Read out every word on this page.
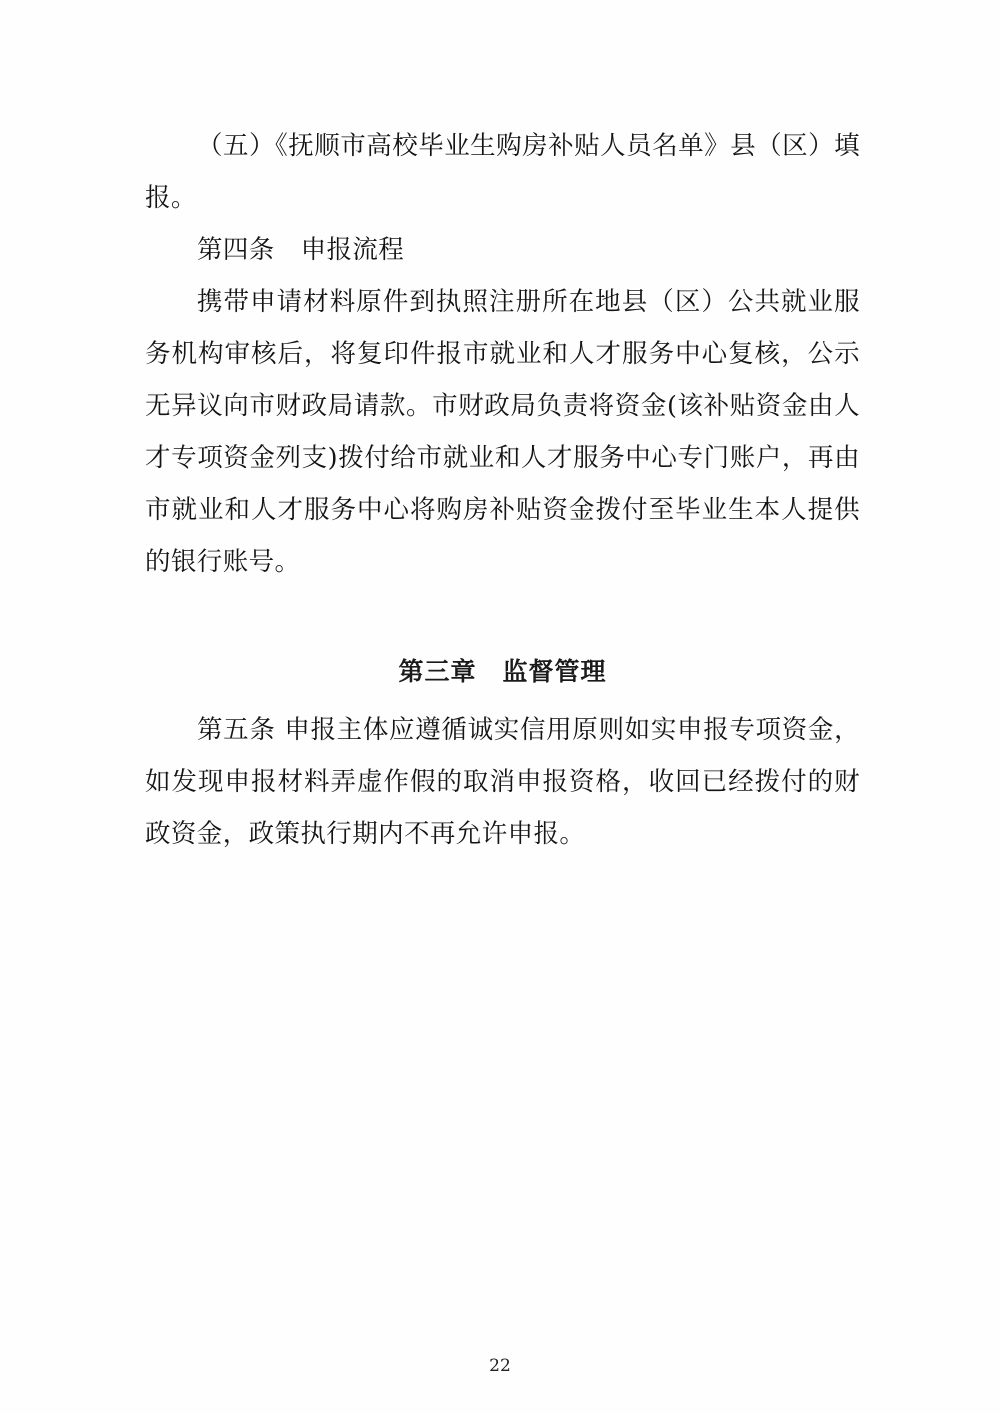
（五）《抚顺市高校毕业生购房补贴人员名单》县（区）填报。

第四条　申报流程

携带申请材料原件到执照注册所在地县（区）公共就业服务机构审核后，将复印件报市就业和人才服务中心复核，公示无异议向市财政局请款。市财政局负责将资金(该补贴资金由人才专项资金列支)拨付给市就业和人才服务中心专门账户，再由市就业和人才服务中心将购房补贴资金拨付至毕业生本人提供的银行账号。

第三章　监督管理

第五条 申报主体应遵循诚实信用原则如实申报专项资金，如发现申报材料弄虚作假的取消申报资格，收回已经拨付的财政资金，政策执行期内不再允许申报。

22
